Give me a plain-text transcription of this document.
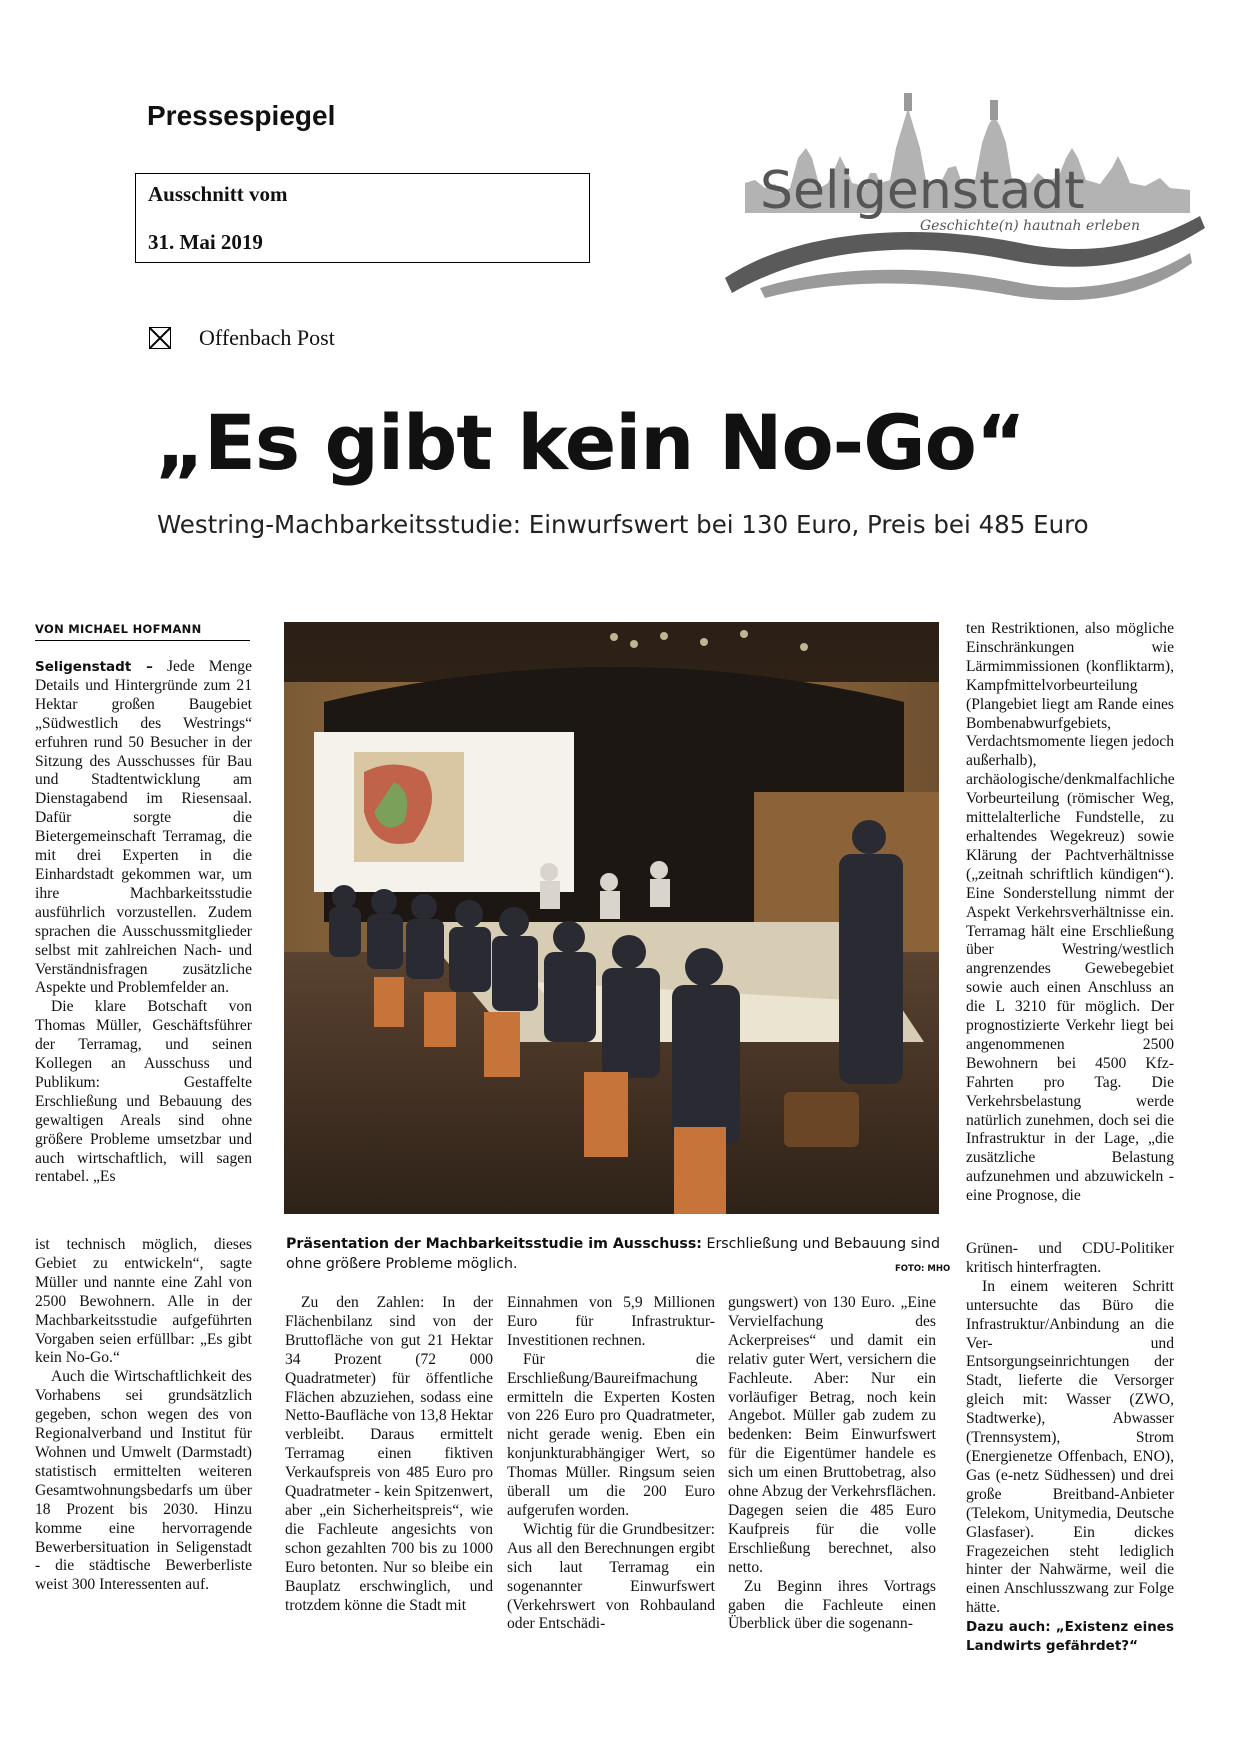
Pressespiegel
Ausschnitt vom
31. Mai 2019
Offenbach Post
Seligenstadt
Geschichte(n) hautnah erleben
„Es gibt kein No-Go“
Westring-Machbarkeitsstudie: Einwurfswert bei 130 Euro, Preis bei 485 Euro
VON MICHAEL HOFMANN

Seligenstadt – Jede Menge Details und Hintergründe zum 21 Hektar großen Baugebiet „Südwestlich des Westrings“ erfuhren rund 50 Besucher in der Sitzung des Ausschusses für Bau und Stadtentwicklung am Dienstagabend im Riesensaal. Dafür sorgte die Bietergemeinschaft Terramag, die mit drei Experten in die Einhardstadt gekommen war, um ihre Machbarkeitsstudie ausführlich vorzustellen. Zudem sprachen die Ausschussmitglieder selbst mit zahlreichen Nach- und Verständnisfragen zusätzliche Aspekte und Problemfelder an.

Die klare Botschaft von Thomas Müller, Geschäftsführer der Terramag, und seinen Kollegen an Ausschuss und Publikum: Gestaffelte Erschließung und Bebauung des gewaltigen Areals sind ohne größere Probleme umsetzbar und auch wirtschaftlich, will sagen rentabel. „Es

Präsentation der Machbarkeitsstudie im Ausschuss: Erschließung und Bebauung sind ohne größere Probleme möglich.	FOTO: MHO

ist technisch möglich, dieses Gebiet zu entwickeln“, sagte Müller und nannte eine Zahl von 2500 Bewohnern. Alle in der Machbarkeitsstudie aufgeführten Vorgaben seien erfüllbar: „Es gibt kein No-Go.“

Auch die Wirtschaftlichkeit des Vorhabens sei grundsätzlich gegeben, schon wegen des von Regionalverband und Institut für Wohnen und Umwelt (Darmstadt) statistisch ermittelten weiteren Gesamtwohnungsbedarfs um über 18 Prozent bis 2030. Hinzu komme eine hervorragende Bewerbersituation in Seligenstadt - die städtische Bewerberliste weist 300 Interessenten auf.

Zu den Zahlen: In der Flächenbilanz sind von der Bruttofläche von gut 21 Hektar 34 Prozent (72 000 Quadratmeter) für öffentliche Flächen abzuziehen, sodass eine Netto-Baufläche von 13,8 Hektar verbleibt. Daraus ermittelt Terramag einen fiktiven Verkaufspreis von 485 Euro pro Quadratmeter - kein Spitzenwert, aber „ein Sicherheitspreis“, wie die Fachleute angesichts von schon gezahlten 700 bis zu 1000 Euro betonten. Nur so bleibe ein Bauplatz erschwinglich, und trotzdem könne die Stadt mit

Einnahmen von 5,9 Millionen Euro für Infrastruktur-Investitionen rechnen.

Für die Erschließung/Baureifmachung ermitteln die Experten Kosten von 226 Euro pro Quadratmeter, nicht gerade wenig. Eben ein konjunkturabhängiger Wert, so Thomas Müller. Ringsum seien überall um die 200 Euro aufgerufen worden.

Wichtig für die Grundbesitzer: Aus all den Berechnungen ergibt sich laut Terramag ein sogenannter Einwurfswert (Verkehrswert von Rohbauland oder Entschädi-

gungswert) von 130 Euro. „Eine Vervielfachung des Ackerpreises“ und damit ein relativ guter Wert, versichern die Fachleute. Aber: Nur ein vorläufiger Betrag, noch kein Angebot. Müller gab zudem zu bedenken: Beim Einwurfswert für die Eigentümer handele es sich um einen Bruttobetrag, also ohne Abzug der Verkehrsflächen. Dagegen seien die 485 Euro Kaufpreis für die volle Erschließung berechnet, also netto.

Zu Beginn ihres Vortrags gaben die Fachleute einen Überblick über die sogenann-

ten Restriktionen, also mögliche Einschränkungen wie Lärmimmissionen (konfliktarm), Kampfmittelvorbeurteilung (Plangebiet liegt am Rande eines Bombenabwurfgebiets, Verdachtsmomente liegen jedoch außerhalb), archäologische/denkmalfachliche Vorbeurteilung (römischer Weg, mittelalterliche Fundstelle, zu erhaltendes Wegekreuz) sowie Klärung der Pachtverhältnisse („zeitnah schriftlich kündigen“). Eine Sonderstellung nimmt der Aspekt Verkehrsverhältnisse ein. Terramag hält eine Erschließung über Westring/westlich angrenzendes Gewebegebiet sowie auch einen Anschluss an die L 3210 für möglich. Der prognostizierte Verkehr liegt bei angenommenen 2500 Bewohnern bei 4500 Kfz-Fahrten pro Tag. Die Verkehrsbelastung werde natürlich zunehmen, doch sei die Infrastruktur in der Lage, „die zusätzliche Belastung aufzunehmen und abzuwickeln - eine Prognose, die

Grünen- und CDU-Politiker kritisch hinterfragten.

In einem weiteren Schritt untersuchte das Büro die Infrastruktur/Anbindung an die Ver- und Entsorgungseinrichtungen der Stadt, lieferte die Versorger gleich mit: Wasser (ZWO, Stadtwerke), Abwasser (Trennsystem), Strom (Energienetze Offenbach, ENO), Gas (e-netz Südhessen) und drei große Breitband-Anbieter (Telekom, Unitymedia, Deutsche Glasfaser). Ein dickes Fragezeichen steht lediglich hinter der Nahwärme, weil die einen Anschlusszwang zur Folge hätte.

Dazu auch: „Existenz eines Landwirts gefährdet?“
